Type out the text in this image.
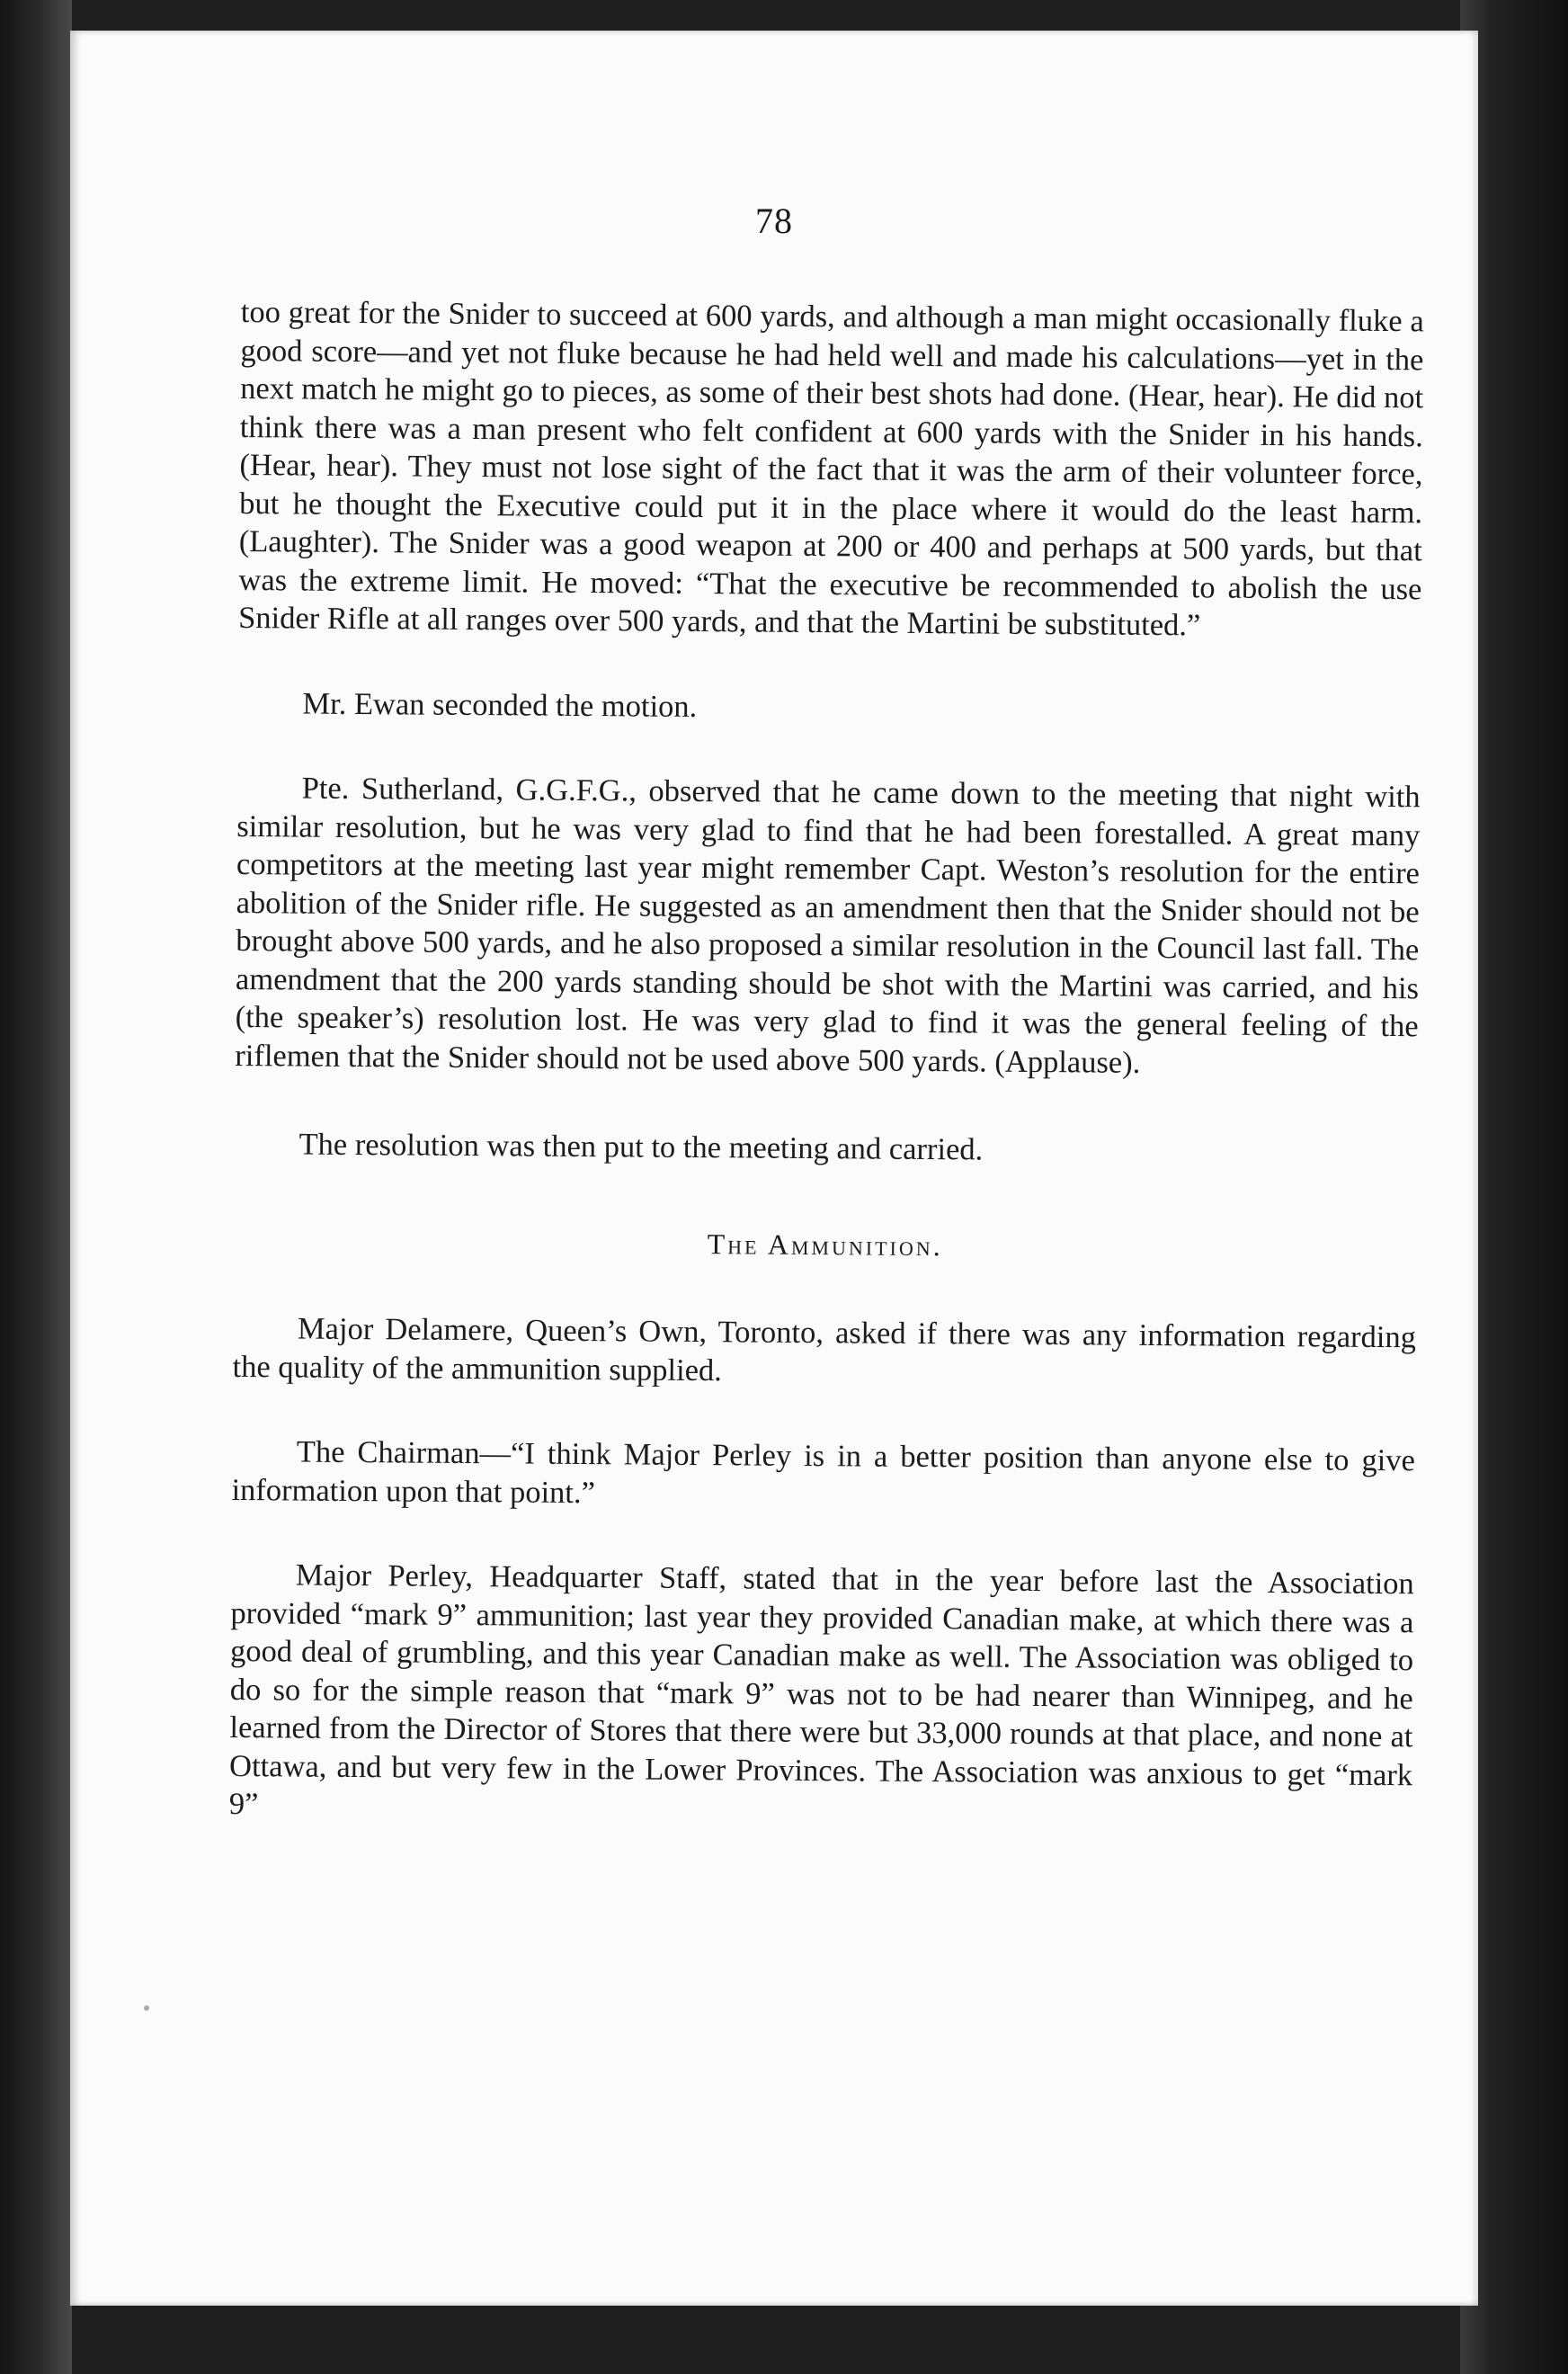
78

too great for the Snider to succeed at 600 yards, and although a man might occasionally fluke a good score—and yet not fluke because he had held well and made his calculations—yet in the next match he might go to pieces, as some of their best shots had done. (Hear, hear). He did not think there was a man present who felt confident at 600 yards with the Snider in his hands. (Hear, hear). They must not lose sight of the fact that it was the arm of their volunteer force, but he thought the Executive could put it in the place where it would do the least harm. (Laughter). The Snider was a good weapon at 200 or 400 and perhaps at 500 yards, but that was the extreme limit. He moved: “That the executive be recommended to abolish the use Snider Rifle at all ranges over 500 yards, and that the Martini be substituted.”

Mr. Ewan seconded the motion.

Pte. Sutherland, G.G.F.G., observed that he came down to the meeting that night with similar resolution, but he was very glad to find that he had been forestalled. A great many competitors at the meeting last year might remember Capt. Weston’s resolution for the entire abolition of the Snider rifle. He suggested as an amendment then that the Snider should not be brought above 500 yards, and he also proposed a similar resolution in the Council last fall. The amendment that the 200 yards standing should be shot with the Martini was carried, and his (the speaker’s) resolution lost. He was very glad to find it was the general feeling of the riflemen that the Snider should not be used above 500 yards. (Applause).

The resolution was then put to the meeting and carried.

The Ammunition.

Major Delamere, Queen’s Own, Toronto, asked if there was any information regarding the quality of the ammunition supplied.

The Chairman—“I think Major Perley is in a better position than anyone else to give information upon that point.”

Major Perley, Headquarter Staff, stated that in the year before last the Association provided “mark 9” ammunition; last year they provided Canadian make, at which there was a good deal of grumbling, and this year Canadian make as well. The Association was obliged to do so for the simple reason that “mark 9” was not to be had nearer than Winnipeg, and he learned from the Director of Stores that there were but 33,000 rounds at that place, and none at Ottawa, and but very few in the Lower Provinces. The Association was anxious to get “mark 9”
